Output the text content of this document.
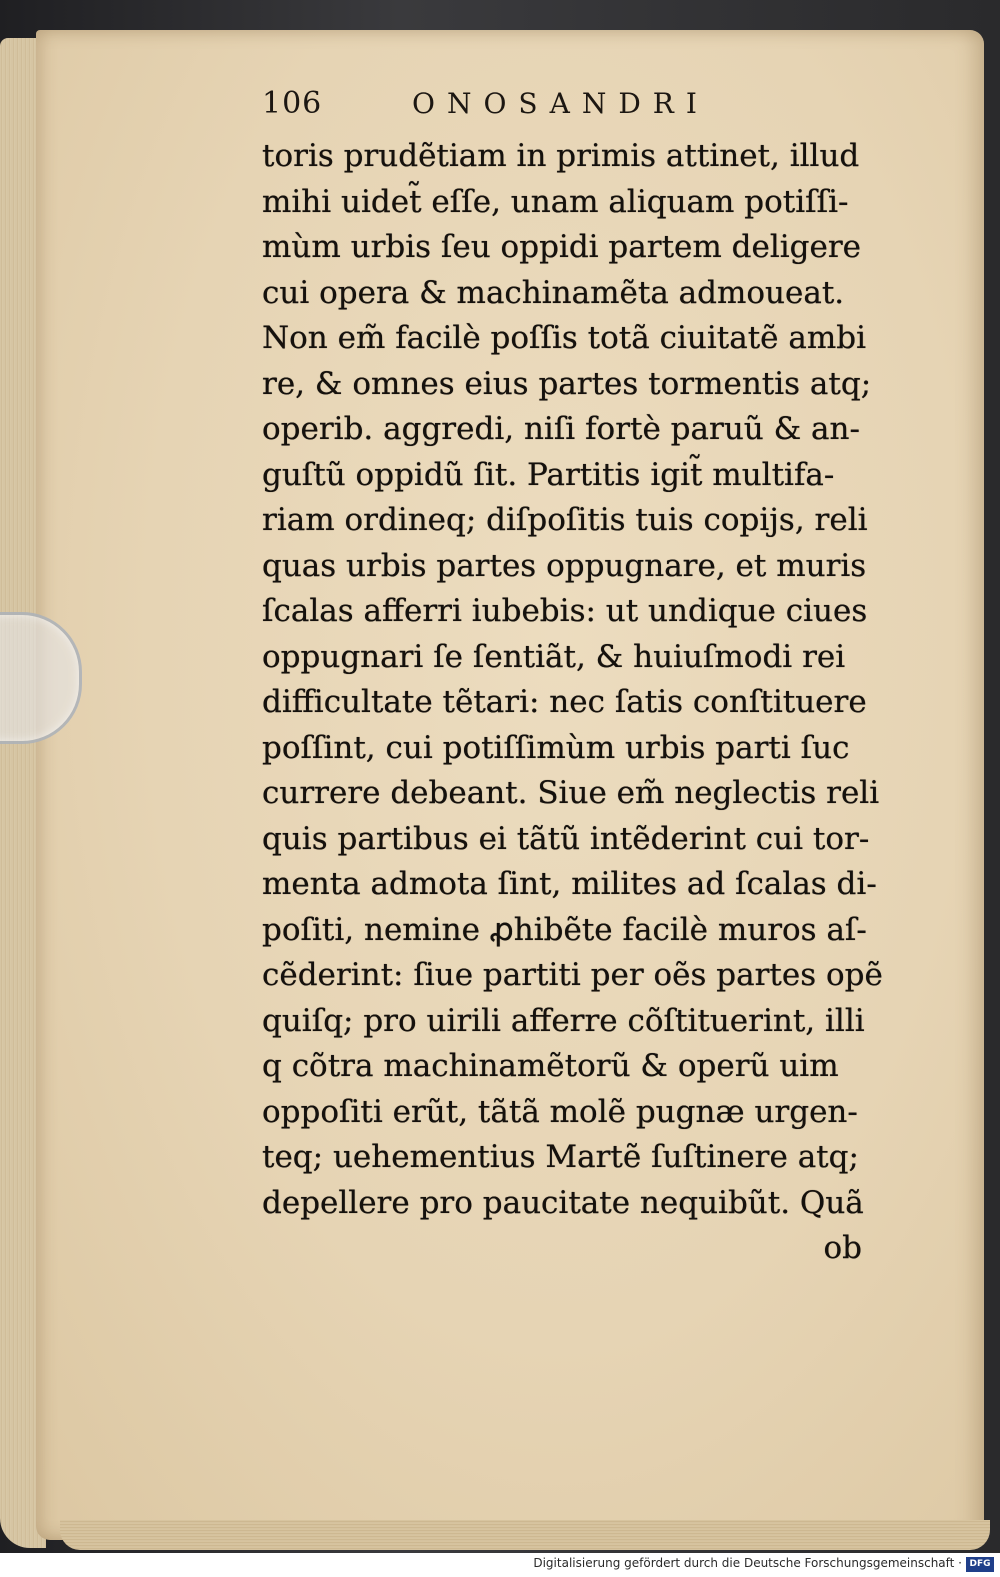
106	ONOSANDRI
toris prudẽtiam in primis attinet, illud
mihi uidet̃ eſſe, unam aliquam potiſſi-
mùm urbis ſeu oppidi partem deligere
cui opera & machinamẽta admoueat.
Non em̃ facilè poſſis totã ciuitatẽ ambi
re, & omnes eius partes tormentis atq;
operib. aggredi, niſi fortè paruũ & an-
guſtũ oppidũ ſit. Partitis igit̃ multifa-
riam ordineq; diſpoſitis tuis copijs, reli
quas urbis partes oppugnare, et muris
ſcalas afferri iubebis: ut undique ciues
oppugnari ſe ſentiãt, & huiuſmodi rei
difficultate tẽtari: nec ſatis conſtituere
poſſint, cui potiſſimùm urbis parti ſuc
currere debeant. Siue em̃ neglectis reli
quis partibus ei tãtũ intẽderint cui tor-
menta admota ſint, milites ad ſcalas di-
poſiti, nemine ꝓhibẽte facilè muros aſ-
cẽderint: ſiue partiti per oẽs partes opẽ
quiſq; pro uirili afferre cõſtituerint, illi
q cõtra machinamẽtorũ & operũ uim
oppoſiti erũt, tãtã molẽ pugnæ urgen-
teq; uehementius Martẽ ſuſtinere atq;
depellere pro paucitate nequibũt. Quã
ob
Digitalisierung gefördert durch die Deutsche Forschungsgemeinschaft · DFG
